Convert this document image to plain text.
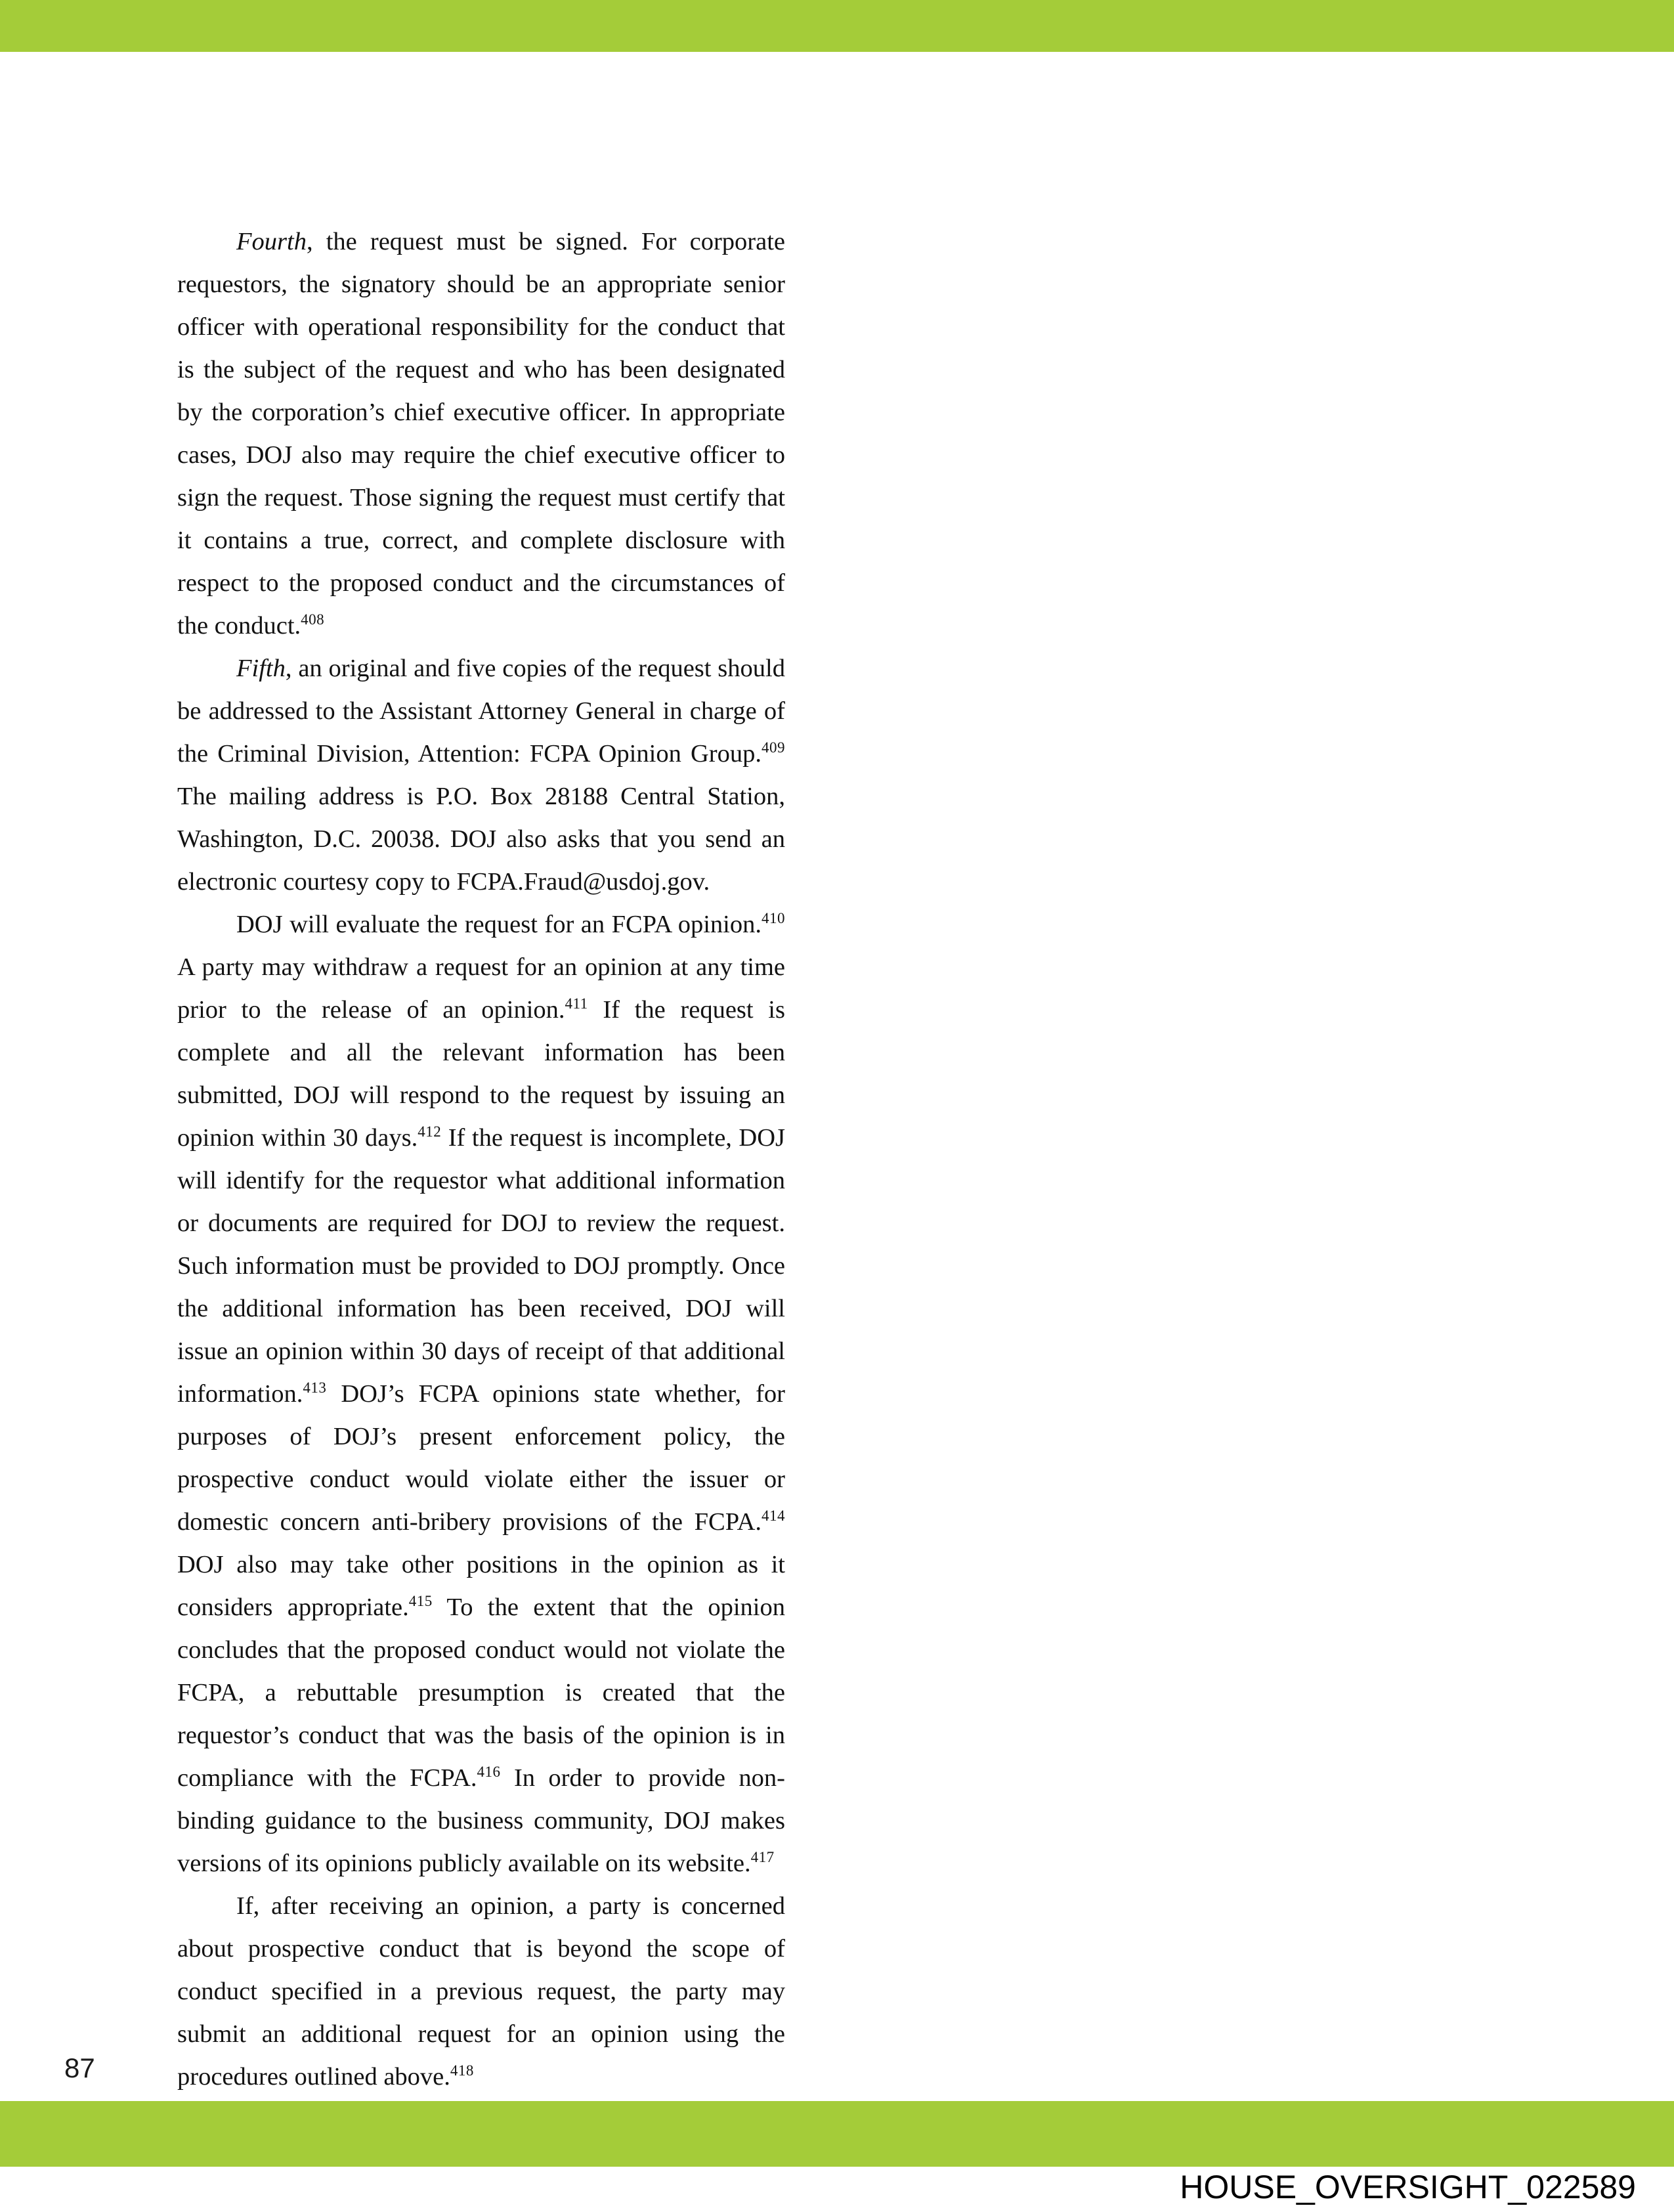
Fourth, the request must be signed. For corporate requestors, the signatory should be an appropriate senior officer with operational responsibility for the conduct that is the subject of the request and who has been designated by the corporation’s chief executive officer. In appropriate cases, DOJ also may require the chief executive officer to sign the request. Those signing the request must certify that it contains a true, correct, and complete disclosure with respect to the proposed conduct and the circumstances of the conduct.$^{408}$

Fifth, an original and five copies of the request should be addressed to the Assistant Attorney General in charge of the Criminal Division, Attention: FCPA Opinion Group.$^{409}$ The mailing address is P.O. Box 28188 Central Station, Washington, D.C. 20038. DOJ also asks that you send an electronic courtesy copy to FCPA.Fraud@usdoj.gov.

DOJ will evaluate the request for an FCPA opinion.$^{410}$ A party may withdraw a request for an opinion at any time prior to the release of an opinion.$^{411}$ If the request is complete and all the relevant information has been submitted, DOJ will respond to the request by issuing an opinion within 30 days.$^{412}$ If the request is incomplete, DOJ will identify for the requestor what additional information or documents are required for DOJ to review the request. Such information must be provided to DOJ promptly. Once the additional information has been received, DOJ will issue an opinion within 30 days of receipt of that additional information.$^{413}$ DOJ’s FCPA opinions state whether, for purposes of DOJ’s present enforcement policy, the prospective conduct would violate either the issuer or domestic concern anti-bribery provisions of the FCPA.$^{414}$ DOJ also may take other positions in the opinion as it considers appropriate.$^{415}$ To the extent that the opinion concludes that the proposed conduct would not violate the FCPA, a rebuttable presumption is created that the requestor’s conduct that was the basis of the opinion is in compliance with the FCPA.$^{416}$ In order to provide non-binding guidance to the business community, DOJ makes versions of its opinions publicly available on its website.$^{417}$

If, after receiving an opinion, a party is concerned about prospective conduct that is beyond the scope of conduct specified in a previous request, the party may submit an additional request for an opinion using the procedures outlined above.$^{418}$

87
HOUSE_OVERSIGHT_022589
